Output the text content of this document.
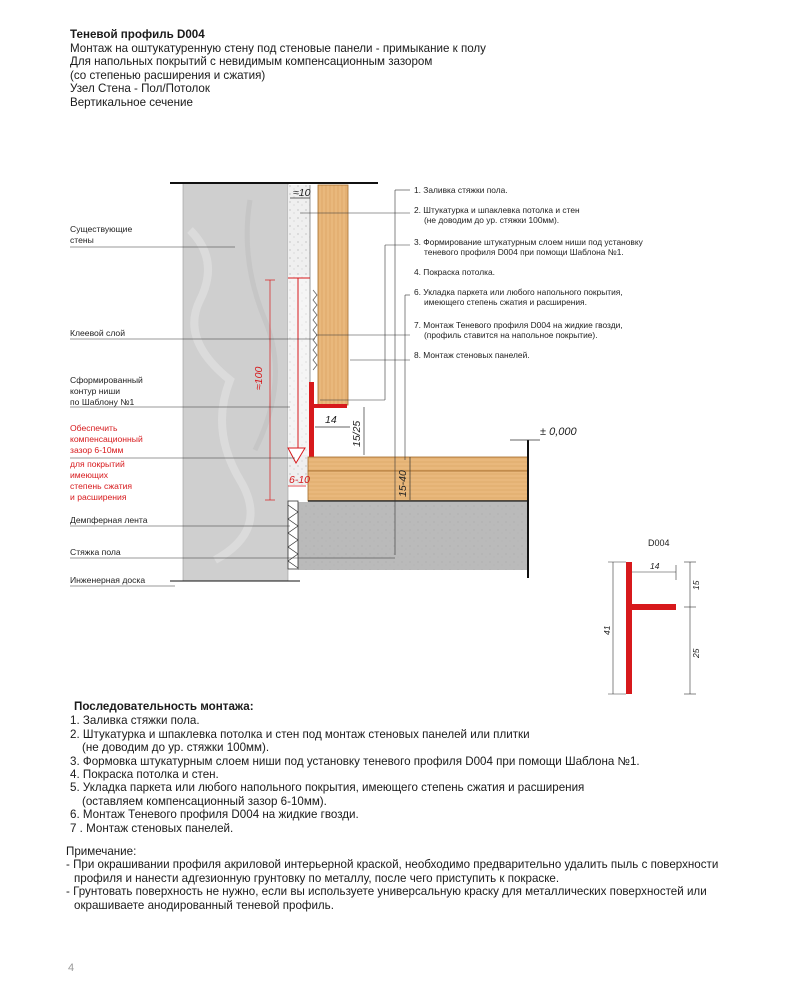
Теневой профиль D004
Монтаж на оштукатуренную стену под стеновые панели - примыкание к полу
Для напольных покрытий с невидимым компенсационным зазором
(со степенью расширения и сжатия)
Узел Стена - Пол/Потолок
Вертикальное сечение
≈10
≈100
14
15/25
6-10	15-40
± 0,000
1. Заливка стяжки пола.
2. Штукатурка и шпаклевка потолка и стен
(не доводим до ур. стяжки 100мм).
3. Формирование штукатурным слоем ниши под установку
теневого профиля D004 при помощи Шаблона №1.
4. Покраска потолка.
6. Укладка паркета или любого напольного покрытия,
имеющего степень сжатия и расширения.
7. Монтаж Теневого профиля D004 на жидкие гвозди,
(профиль ставится на напольное покрытие).
8. Монтаж стеновых панелей.
Существующие
стены
Клеевой слой
Сформированный
контур ниши
по Шаблону №1
Обеспечить
компенсационный
зазор 6-10мм
для покрытий
имеющих
степень сжатия
и расширения
Демпферная лента
Стяжка пола
Инженерная доска
D004
14
15
25
41
Последовательность монтажа:
1. Заливка стяжки пола.
2. Штукатурка и шпаклевка потолка и стен под монтаж стеновых панелей или плитки
(не доводим до ур. стяжки 100мм).
3. Формовка штукатурным слоем ниши под установку теневого профиля D004 при помощи Шаблона №1.
4. Покраска потолка и стен.
5. Укладка паркета или любого напольного покрытия, имеющего степень сжатия и расширения
(оставляем компенсационный зазор 6-10мм).
6. Монтаж Теневого профиля D004 на жидкие гвозди.
7 . Монтаж стеновых панелей.
Примечание:
- При окрашивании профиля акриловой интерьерной краской, необходимо предварительно удалить пыль с поверхности
профиля и нанести адгезионную грунтовку по металлу, после чего приступить к покраске.
- Грунтовать поверхность не нужно, если вы используете универсальную краску для металлических поверхностей или
окрашиваете анодированный теневой профиль.
4
